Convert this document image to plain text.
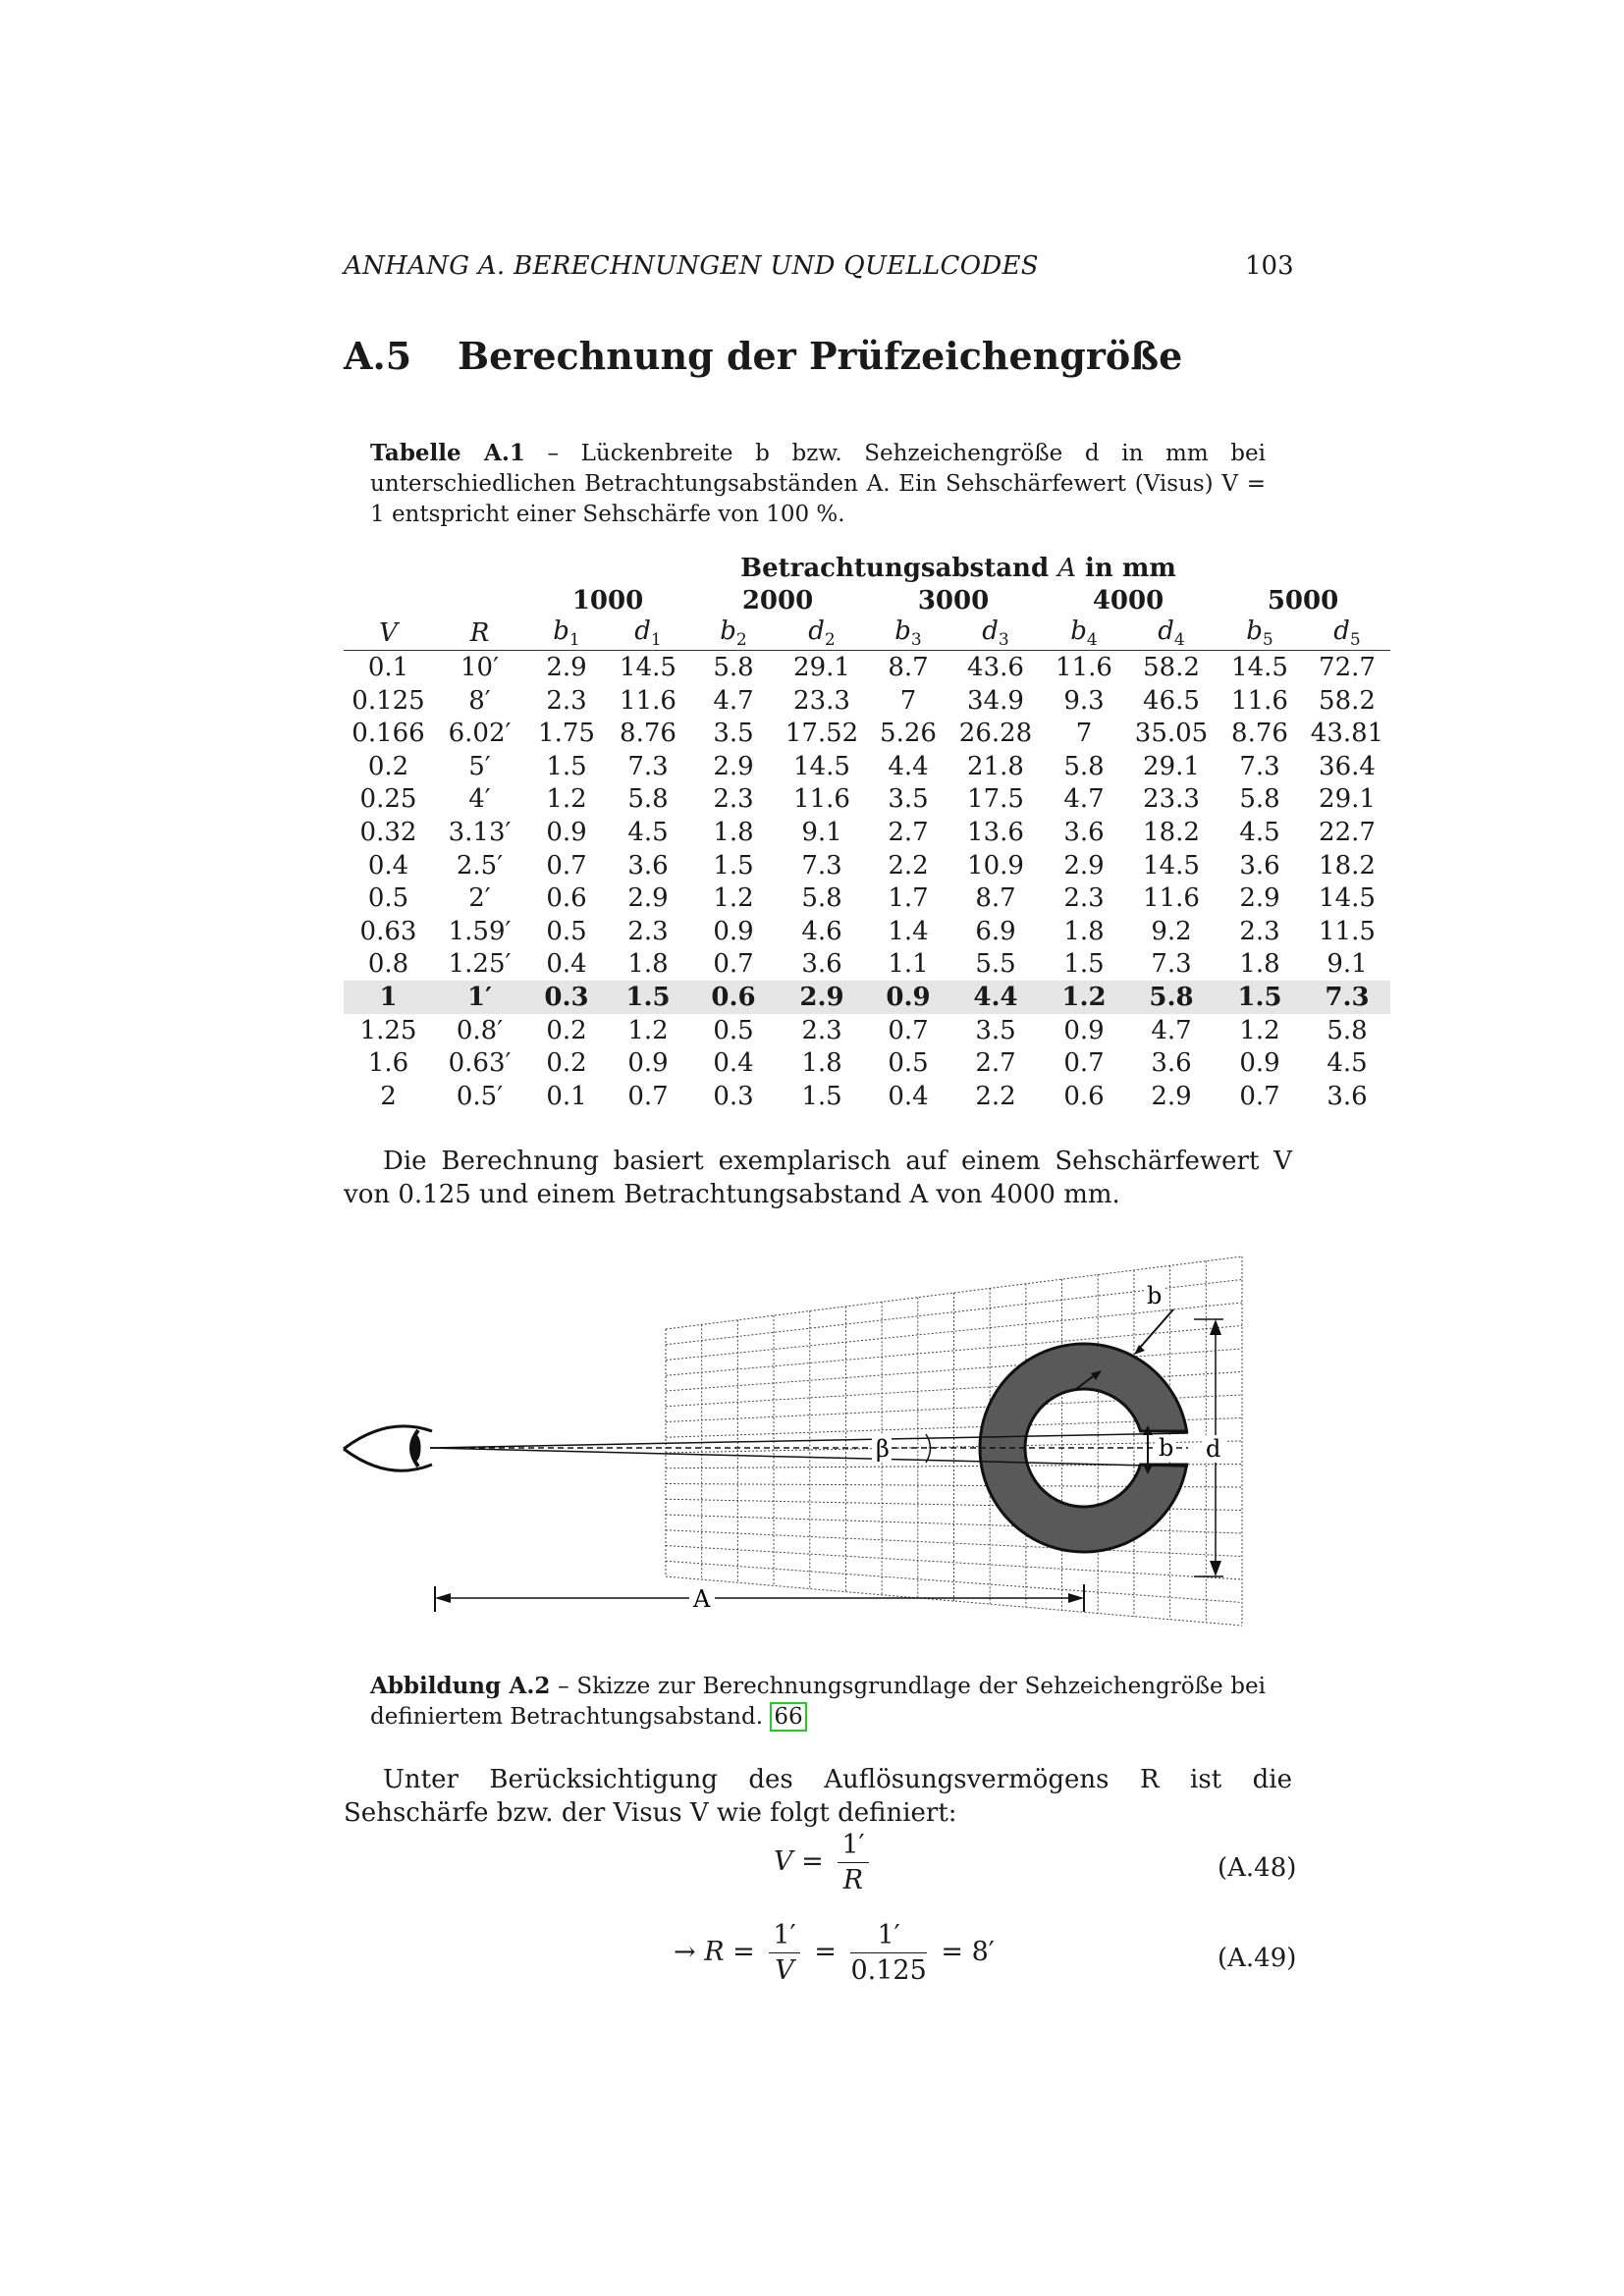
ANHANG A. BERECHNUNGEN UND QUELLCODES	103
A.5 Berechnung der Prüfzeichengröße
Tabelle A.1 – Lückenbreite b bzw. Sehzeichengröße d in mm bei unterschiedlichen Betrachtungsabständen A. Ein Sehschärfewert (Visus) V = 1 entspricht einer Sehschärfe von 100 %.
		Betrachtungsabstand A in mm									
		1000		2000		3000		4000		5000	
V	R	$b_1$	$d_1$	$b_2$	$d_2$	$b_3$	$d_3$	$b_4$	$d_4$	$b_5$	$d_5$
0.1	10′	2.9	14.5	5.8	29.1	8.7	43.6	11.6	58.2	14.5	72.7
0.125	8′	2.3	11.6	4.7	23.3	7	34.9	9.3	46.5	11.6	58.2
0.166	6.02′	1.75	8.76	3.5	17.52	5.26	26.28	7	35.05	8.76	43.81
0.2	5′	1.5	7.3	2.9	14.5	4.4	21.8	5.8	29.1	7.3	36.4
0.25	4′	1.2	5.8	2.3	11.6	3.5	17.5	4.7	23.3	5.8	29.1
0.32	3.13′	0.9	4.5	1.8	9.1	2.7	13.6	3.6	18.2	4.5	22.7
0.4	2.5′	0.7	3.6	1.5	7.3	2.2	10.9	2.9	14.5	3.6	18.2
0.5	2′	0.6	2.9	1.2	5.8	1.7	8.7	2.3	11.6	2.9	14.5
0.63	1.59′	0.5	2.3	0.9	4.6	1.4	6.9	1.8	9.2	2.3	11.5
0.8	1.25′	0.4	1.8	0.7	3.6	1.1	5.5	1.5	7.3	1.8	9.1
1	1′	0.3	1.5	0.6	2.9	0.9	4.4	1.2	5.8	1.5	7.3
1.25	0.8′	0.2	1.2	0.5	2.3	0.7	3.5	0.9	4.7	1.2	5.8
1.6	0.63′	0.2	0.9	0.4	1.8	0.5	2.7	0.7	3.6	0.9	4.5
2	0.5′	0.1	0.7	0.3	1.5	0.4	2.2	0.6	2.9	0.7	3.6
Die Berechnung basiert exemplarisch auf einem Sehschärfewert V von 0.125 und einem Betrachtungsabstand A von 4000 mm.
β
b
b d
A
Abbildung A.2 – Skizze zur Berechnungsgrundlage der Sehzeichengröße bei definiertem Betrachtungsabstand. 66
Unter Berücksichtigung des Auflösungsvermögens R ist die Sehschärfe bzw. der Visus V wie folgt definiert:
$V = \frac{1'}{R}$	(A.48)
→ $R = \frac{1'}{V} = \frac{1'}{0.125} = 8'$	(A.49)
